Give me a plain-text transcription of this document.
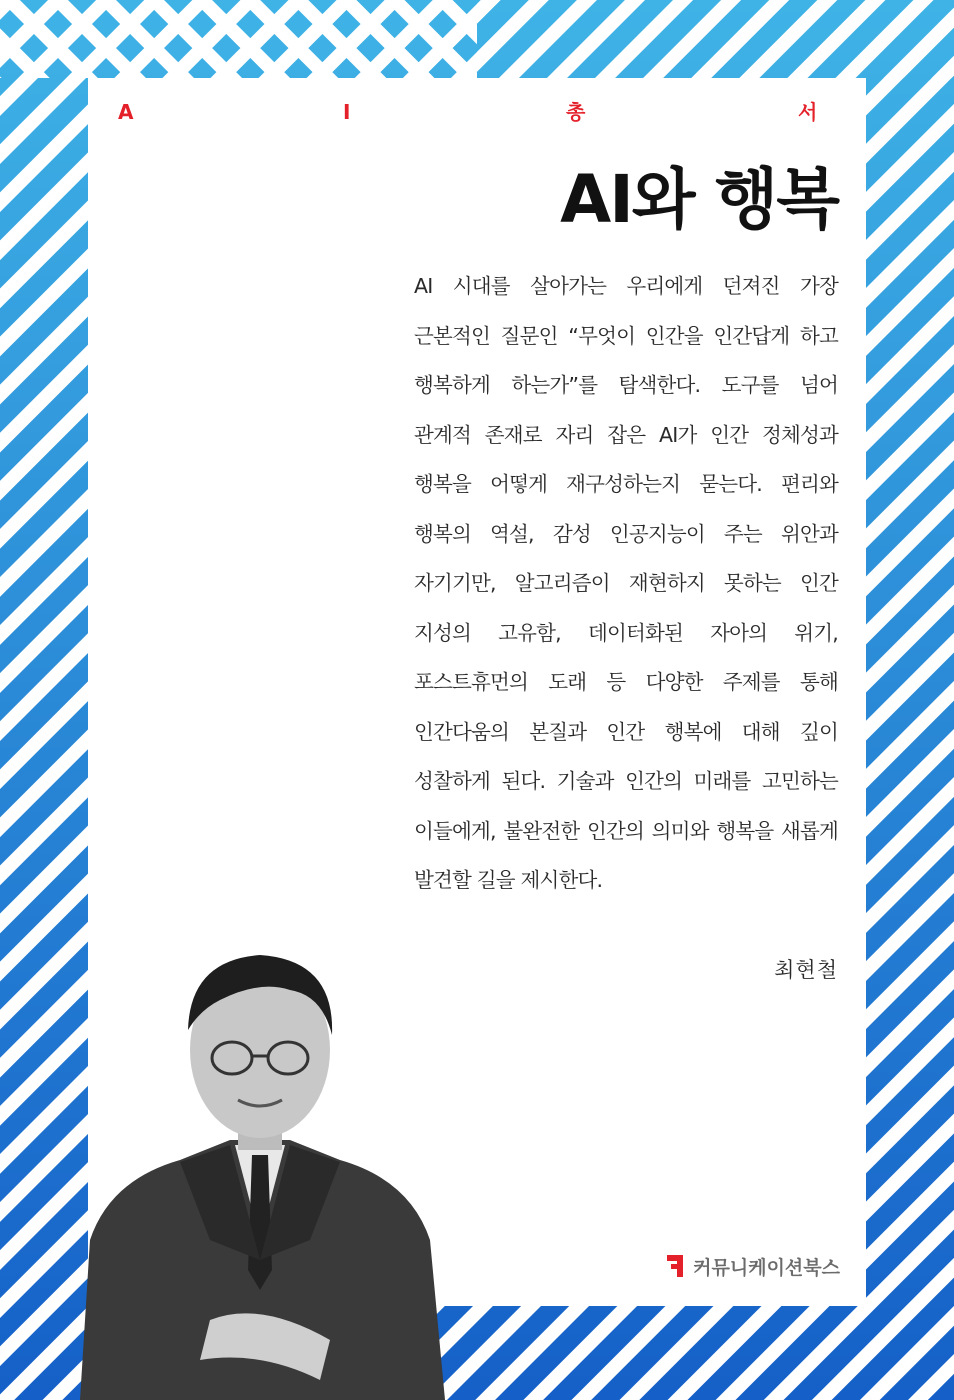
A	I	총	서
AI와 행복

AI 시대를 살아가는 우리에게 던져진 가장 근본적인 질문인 “무엇이 인간을 인간답게 하고 행복하게 하는가”를 탐색한다. 도구를 넘어 관계적 존재로 자리 잡은 AI가 인간 정체성과 행복을 어떻게 재구성하는지 묻는다. 편리와 행복의 역설, 감성 인공지능이 주는 위안과 자기기만, 알고리즘이 재현하지 못하는 인간 지성의 고유함, 데이터화된 자아의 위기, 포스트휴먼의 도래 등 다양한 주제를 통해 인간다움의 본질과 인간 행복에 대해 깊이 성찰하게 된다. 기술과 인간의 미래를 고민하는 이들에게, 불완전한 인간의 의미와 행복을 새롭게 발견할 길을 제시한다.

최현철

커뮤니케이션북스
